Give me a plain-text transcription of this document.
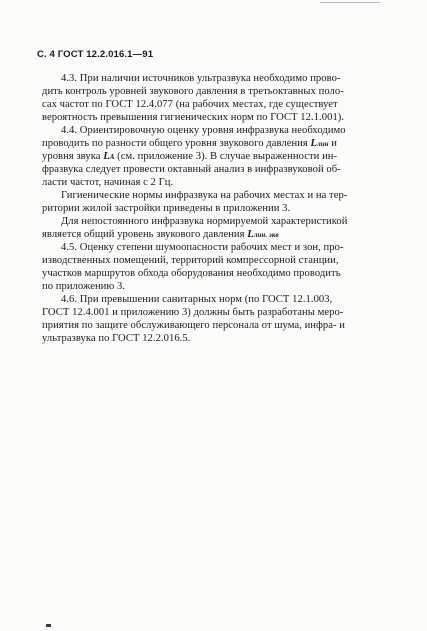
С. 4 ГОСТ 12.2.016.1—91
4.3. При наличии источников ультразвука необходимо прово-
дить контроль уровней звукового давления в третьоктавных поло-
сах частот по ГОСТ 12.4.077 (на рабочих местах, где существует
вероятность превышения гигиенических норм по ГОСТ 12.1.001).
4.4. Ориентировочную оценку уровня инфразвука необходимо
проводить по разности общего уровня звукового давления Lлин и
уровня звука LA (см. приложение 3). В случае выраженности ин-
фразвука следует провести октавный анализ в инфразвуковой об-
ласти частот, начиная с 2 Гц.
Гигиенические нормы инфразвука на рабочих местах и на тер-
ритории жилой застройки приведены в приложении 3.
Для непостоянного инфразвука нормируемой характеристикой
является общий уровень звукового давления Lлин. экв
4.5. Оценку степени шумоопасности рабочих мест и зон, про-
изводственных помещений, территорий компрессорной станции,
участков маршрутов обхода оборудования необходимо проводить
по приложению 3.
4.6. При превышении санитарных норм (по ГОСТ 12.1.003,
ГОСТ 12.4.001 и приложению 3) должны быть разработаны меро-
приятия по защите обслуживающего персонала от шума, инфра- и
ультразвука по ГОСТ 12.2.016.5.
